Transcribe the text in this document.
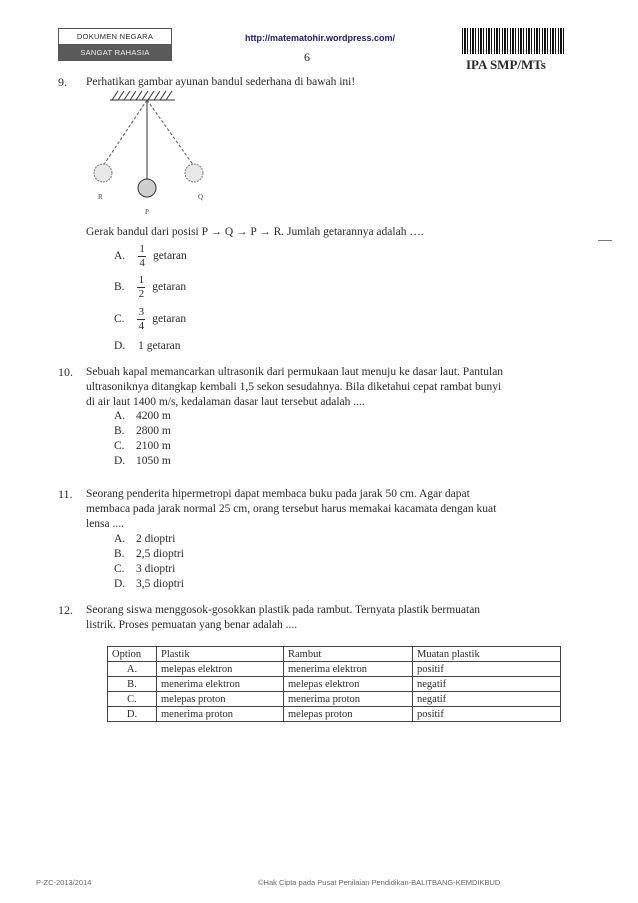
DOKUMEN NEGARA
SANGAT RAHASIA
http://matematohir.wordpress.com/
6	IPA SMP/MTs
9. Perhatikan gambar ayunan bandul sederhana di bawah ini!
R
P
Q
Gerak bandul dari posisi P → Q → P → R. Jumlah getarannya adalah ….
A. $\frac{1}{4}$ getaran
B. $\frac{1}{2}$ getaran
C. $\frac{3}{4}$ getaran
D. 1 getaran
10. Sebuah kapal memancarkan ultrasonik dari permukaan laut menuju ke dasar laut. Pantulan
ultrasoniknya ditangkap kembali 1,5 sekon sesudahnya. Bila diketahui cepat rambat bunyi
di air laut 1400 m/s, kedalaman dasar laut tersebut adalah ....
A. 4200 m
B. 2800 m
C. 2100 m
D. 1050 m
11. Seorang penderita hipermetropi dapat membaca buku pada jarak 50 cm. Agar dapat
membaca pada jarak normal 25 cm, orang tersebut harus memakai kacamata dengan kuat
lensa ....
A. 2 dioptri
B. 2,5 dioptri
C. 3 dioptri
D. 3,5 dioptri
12. Seorang siswa menggosok-gosokkan plastik pada rambut. Ternyata plastik bermuatan
listrik. Proses pemuatan yang benar adalah ....
Option	Plastik	Rambut	Muatan plastik
A.	melepas elektron	menerima elektron	positif
B.	menerima elektron	melepas elektron	negatif
C.	melepas proton	menerima proton	negatif
D.	menerima proton	melepas proton	positif
P-ZC-2013/2014	©Hak Cipta pada Pusat Penilaian Pendidikan-BALITBANG-KEMDIKBUD
